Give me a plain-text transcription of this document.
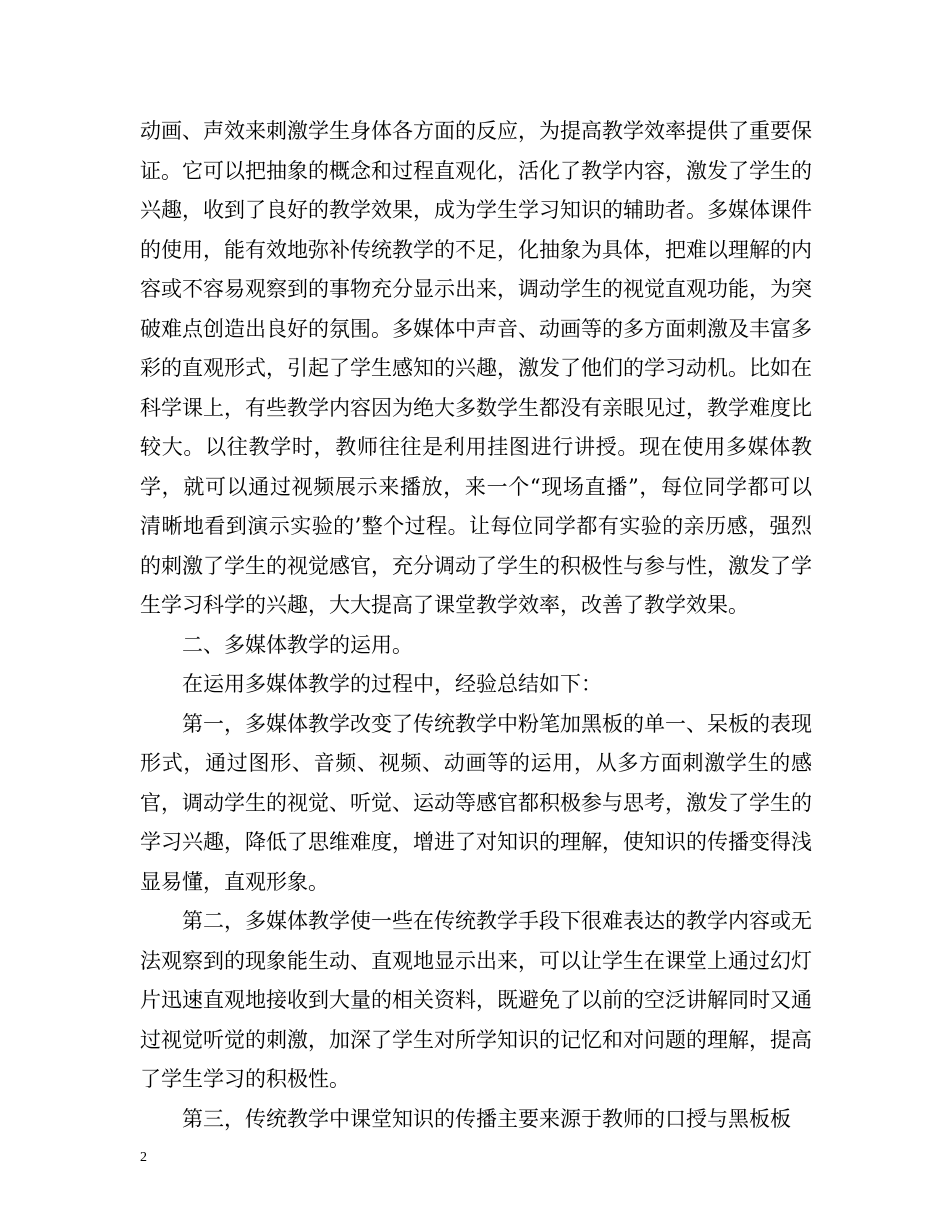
动画、声效来刺激学生身体各方面的反应，为提高教学效率提供了重要保证。它可以把抽象的概念和过程直观化，活化了教学内容，激发了学生的兴趣，收到了良好的教学效果，成为学生学习知识的辅助者。多媒体课件的使用，能有效地弥补传统教学的不足，化抽象为具体，把难以理解的内容或不容易观察到的事物充分显示出来，调动学生的视觉直观功能，为突破难点创造出良好的氛围。多媒体中声音、动画等的多方面刺激及丰富多彩的直观形式，引起了学生感知的兴趣，激发了他们的学习动机。比如在科学课上，有些教学内容因为绝大多数学生都没有亲眼见过，教学难度比较大。以往教学时，教师往往是利用挂图进行讲授。现在使用多媒体教学，就可以通过视频展示来播放，来一个“现场直播”，每位同学都可以清晰地看到演示实验的’整个过程。让每位同学都有实验的亲历感，强烈的刺激了学生的视觉感官，充分调动了学生的积极性与参与性，激发了学生学习科学的兴趣，大大提高了课堂教学效率，改善了教学效果。

二、多媒体教学的运用。

在运用多媒体教学的过程中，经验总结如下：

第一，多媒体教学改变了传统教学中粉笔加黑板的单一、呆板的表现形式，通过图形、音频、视频、动画等的运用，从多方面刺激学生的感官，调动学生的视觉、听觉、运动等感官都积极参与思考，激发了学生的学习兴趣，降低了思维难度，增进了对知识的理解，使知识的传播变得浅显易懂，直观形象。

第二，多媒体教学使一些在传统教学手段下很难表达的教学内容或无法观察到的现象能生动、直观地显示出来，可以让学生在课堂上通过幻灯片迅速直观地接收到大量的相关资料，既避免了以前的空泛讲解同时又通过视觉听觉的刺激，加深了学生对所学知识的记忆和对问题的理解，提高了学生学习的积极性。

第三，传统教学中课堂知识的传播主要来源于教师的口授与黑板板

2
